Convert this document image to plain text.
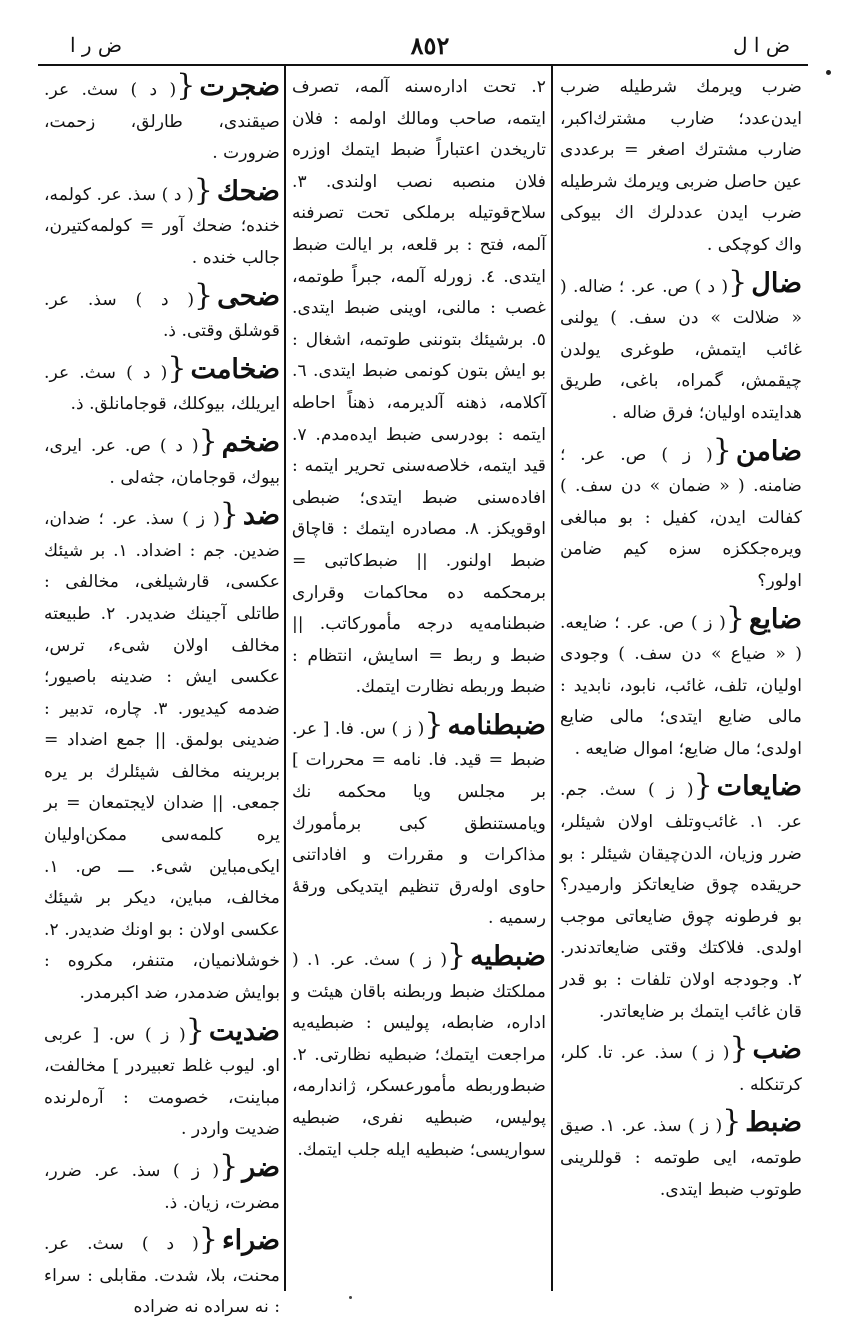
ض ر ا	٨٥٢	ض ا ل
ضرب ويرمك شرطيله ضرب ايدن‌عدد؛ ضارب مشترك‌اكبر، ضارب مشترك اصغر = برعددی عين حاصل ضربی ويرمك شرطيله ضرب ايدن عددلرك اك بيوكی واك كوچكی .
ضال{( د ) ص. عر. ؛ ضاله. ( « ضلالت » دن سف. ) يولنی غائب ايتمش، طوغری يولدن چيقمش، گمراه، باغی، طريق هدايتده اوليان؛ فرق ضاله .
ضامن{( ز ) ص. عر. ؛ ضامنه. ( « ضمان » دن سف. ) كفالت ايدن، كفيل : بو مبالغی ويره‌جككزه سزه كيم ضامن اولور؟
ضايع{( ز ) ص. عر. ؛ ضايعه. ( « ضياع » دن سف. ) وجودی اوليان، تلف، غائب، نابود، نابديد : مالی ضايع ايتدی؛ مالی ضايع اولدی؛ مال ضايع؛ اموال ضايعه .
ضايعات{( ز ) سث. جم. عر. ١. غائب‌وتلف اولان شيئلر، ضرر وزيان، الدن‌چيقان شيئلر : بو حريقده چوق ضايعاتكز وارميدر؟ بو فرطونه چوق ضايعاتی موجب اولدی. فلاكتك وقتی ضايعاتدندر. ٢. وجودجه اولان تلفات : بو قدر قان غائب ايتمك بر ضايعاتدر.
ضب{( ز ) سذ. عر. تا. كلر، كرتنكله .
ضبط{( ز ) سذ. عر. ١. صيق طوتمه، ايی طوتمه : قوللرينی طوتوب ضبط ايتدی.
٢. تحت ادارەسنه آلمه، تصرف ايتمه، صاحب ومالك اولمه : فلان تاريخدن اعتباراً ضبط ايتمك اوزره فلان منصبه نصب اولندی. ٣. سلاح‌قوتيله برملكی تحت تصرفنه آلمه، فتح : بر قلعه، بر ايالت ضبط ايتدی. ٤. زورله آلمه، جبراً طوتمه، غصب : مالنی، اوينی ضبط ايتدی. ٥. برشيئك بتوننی طوتمه، اشغال : بو ايش بتون كونمی ضبط ايتدی. ٦. آكلامه، ذهنه آلديرمه، ذهناً احاطه ايتمه : بودرسی ضبط ايده‌مدم. ٧. قيد ايتمه، خلاصه‌سنی تحرير ايتمه : افادەسنی ضبط ايتدی؛ ضبطی اوقويكز. ٨. مصادره ايتمك : قاچاق ضبط اولنور. || ضبط‌كاتبی = برمحكمه ده محاكمات وقراری ضبطنامه‌يه درجه مأموركاتب. || ضبط و ربط = اسايش، انتظام : ضبط وربطه نظارت ايتمك.
ضبطنامه{( ز ) س. فا. [ عر. ضبط = قيد. فا. نامه = محررات ] بر مجلس ويا محكمه نك ويامستنطق كبی برمأمورك مذاكرات و مقررات و افاداتنی حاوی اولەرق تنظيم ايتديكی ورقۀ رسميه .
ضبطيه{( ز ) سث. عر. ١. ( مملكتك ضبط وربطنه باقان هيئت و اداره، ضابطه، پوليس : ضبطيه‌يه مراجعت ايتمك؛ ضبطيه نظارتی. ٢. ضبط‌وربطه مأمورعسكر، ژاندارمه، پوليس، ضبطيه نفری، ضبطيه سواريسی؛ ضبطيه ايله جلب ايتمك.
ضجرت{( د ) سث. عر. صيقندی، طارلق، زحمت، ضرورت .
ضحك{( د ) سذ. عر. كولمه، خنده؛ ضحك آور = كولمه‌كتيرن، جالب خنده .
ضحی{( د ) سذ. عر. قوشلق وقتی. ذ.
ضخامت{( د ) سث. عر. ايريلك، بيوكلك، قوجامانلق. ذ.
ضخم{( د ) ص. عر. ايری، بيوك، قوجامان، جثه‌لی .
ضد{( ز ) سذ. عر. ؛ ضدان، ضدين. جم : اضداد. ١. بر شيئك عكسی، قارشيلغی، مخالفی : طاتلی آجينك ضديدر. ٢. طبيعته مخالف اولان شیء، ترس، عكسی ايش : ضدينه باصيور؛ ضدمه كيديور. ٣. چاره، تدبير : ضدينی بولمق. || جمع اضداد = بربرينه مخالف شيئلرك بر يره جمعی. || ضدان لايجتمعان = بر يره كلمەسی ممكن‌اوليان ايكی‌مباين شیء. ـــ ص. ١. مخالف، مباين، ديكر بر شيئك عكسی اولان : بو اونك ضديدر. ٢. خوشلانميان، متنفر، مكروه : بوايش ضدمدر، ضد اكبرمدر.
ضديت{( ز ) س. [ عربی او. ليوب غلط تعبيردر ] مخالفت، مباينت، خصومت : آرەلرنده ضديت واردر .
ضر{( ز ) سذ. عر. ضرر، مضرت، زيان. ذ.
ضراء{( د ) سث. عر. محنت، بلا، شدت. مقابلی : سراء : نه سرادە نه ضرادە
